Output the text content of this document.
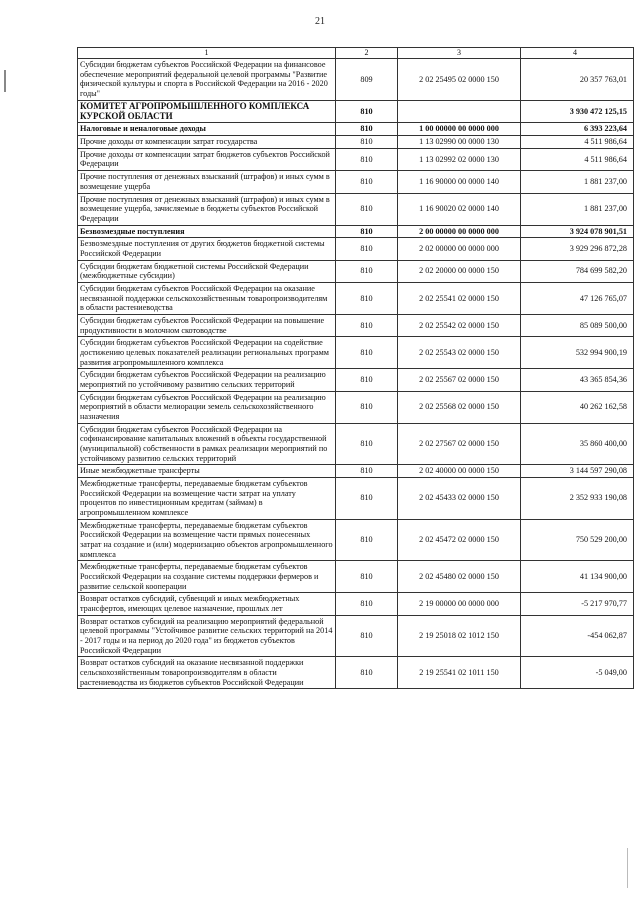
21
1	2	3	4
Субсидии бюджетам субъектов Российской Федерации на финансовое обеспечение мероприятий федеральной целевой программы "Развитие физической культуры и спорта в Российской Федерации на 2016 - 2020 годы"	809	2 02 25495 02 0000 150	20 357 763,01
КОМИТЕТ АГРОПРОМЫШЛЕННОГО КОМПЛЕКСА КУРСКОЙ ОБЛАСТИ	810		3 930 472 125,15
Налоговые и неналоговые доходы	810	1 00 00000 00 0000 000	6 393 223,64
Прочие доходы от компенсации затрат государства	810	1 13 02990 00 0000 130	4 511 986,64
Прочие доходы от компенсации затрат бюджетов субъектов Российской Федерации	810	1 13 02992 02 0000 130	4 511 986,64
Прочие поступления от денежных взысканий (штрафов) и иных сумм в возмещение ущерба	810	1 16 90000 00 0000 140	1 881 237,00
Прочие поступления от денежных взысканий (штрафов) и иных сумм в возмещение ущерба, зачисляемые в бюджеты субъектов Российской Федерации	810	1 16 90020 02 0000 140	1 881 237,00
Безвозмездные поступления	810	2 00 00000 00 0000 000	3 924 078 901,51
Безвозмездные поступления от других бюджетов бюджетной системы Российской Федерации	810	2 02 00000 00 0000 000	3 929 296 872,28
Субсидии бюджетам бюджетной системы Российской Федерации (межбюджетные субсидии)	810	2 02 20000 00 0000 150	784 699 582,20
Субсидии бюджетам субъектов Российской Федерации на оказание несвязанной поддержки сельскохозяйственным товаропроизводителям в области растениеводства	810	2 02 25541 02 0000 150	47 126 765,07
Субсидии бюджетам субъектов Российской Федерации на повышение продуктивности в молочном скотоводстве	810	2 02 25542 02 0000 150	85 089 500,00
Субсидии бюджетам субъектов Российской Федерации на содействие достижению целевых показателей реализации региональных программ развития агропромышленного комплекса	810	2 02 25543 02 0000 150	532 994 900,19
Субсидии бюджетам субъектов Российской Федерации на реализацию мероприятий по устойчивому развитию сельских территорий	810	2 02 25567 02 0000 150	43 365 854,36
Субсидии бюджетам субъектов Российской Федерации на реализацию мероприятий в области мелиорации земель сельскохозяйственного назначения	810	2 02 25568 02 0000 150	40 262 162,58
Субсидии бюджетам субъектов Российской Федерации на софинансирование капитальных вложений в объекты государственной (муниципальной) собственности в рамках реализации мероприятий по устойчивому развитию сельских территорий	810	2 02 27567 02 0000 150	35 860 400,00
Иные межбюджетные трансферты	810	2 02 40000 00 0000 150	3 144 597 290,08
Межбюджетные трансферты, передаваемые бюджетам субъектов Российской Федерации на возмещение части затрат на уплату процентов по инвестиционным кредитам (займам) в агропромышленном комплексе	810	2 02 45433 02 0000 150	2 352 933 190,08
Межбюджетные трансферты, передаваемые бюджетам субъектов Российской Федерации на возмещение части прямых понесенных затрат на создание и (или) модернизацию объектов агропромышленного комплекса	810	2 02 45472 02 0000 150	750 529 200,00
Межбюджетные трансферты, передаваемые бюджетам субъектов Российской Федерации на создание системы поддержки фермеров и развитие сельской кооперации	810	2 02 45480 02 0000 150	41 134 900,00
Возврат остатков субсидий, субвенций и иных межбюджетных трансфертов, имеющих целевое назначение, прошлых лет	810	2 19 00000 00 0000 000	-5 217 970,77
Возврат остатков субсидий на реализацию мероприятий федеральной целевой программы "Устойчивое развитие сельских территорий на 2014 - 2017 годы и на период до 2020 года" из бюджетов субъектов Российской Федерации	810	2 19 25018 02 1012 150	-454 062,87
Возврат остатков субсидий на оказание несвязанной поддержки сельскохозяйственным товаропроизводителям в области растениеводства из бюджетов субъектов Российской Федерации	810	2 19 25541 02 1011 150	-5 049,00
